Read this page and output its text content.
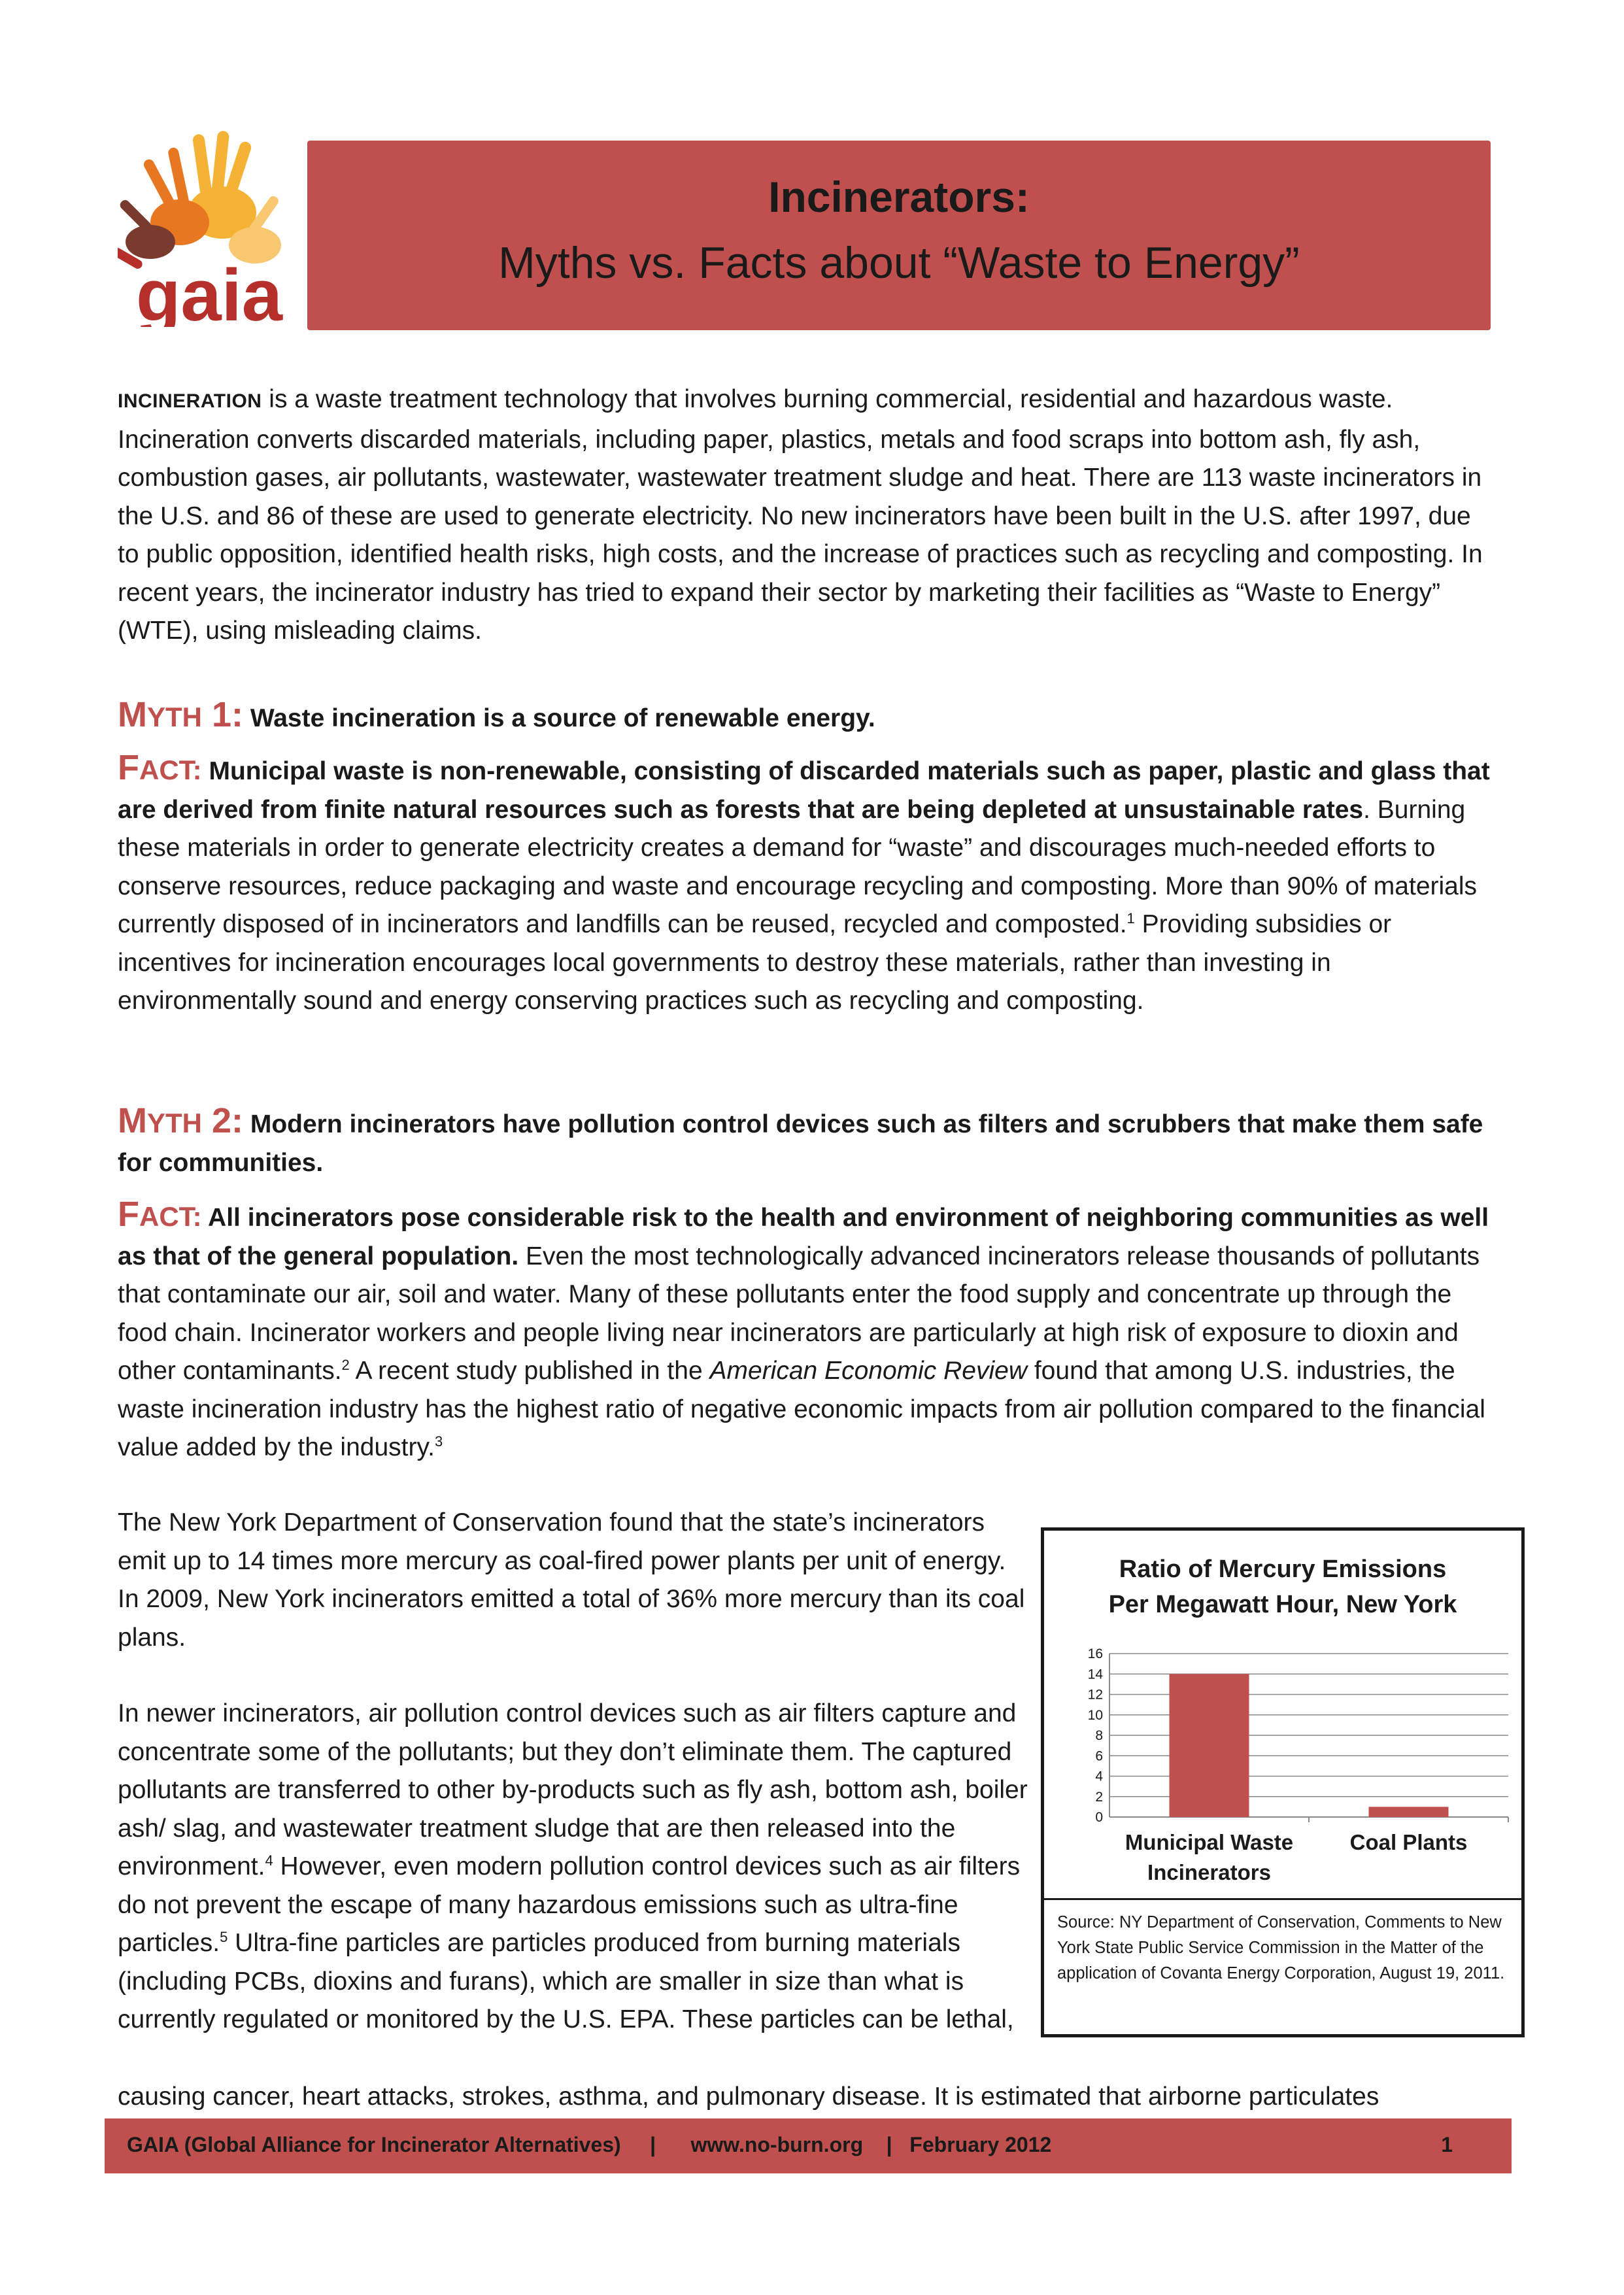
gaia
Incinerators:
Myths vs. Facts about “Waste to Energy”
INCINERATION is a waste treatment technology that involves burning commercial, residential and hazardous waste. Incineration converts discarded materials, including paper, plastics, metals and food scraps into bottom ash, fly ash, combustion gases, air pollutants, wastewater, wastewater treatment sludge and heat. There are 113 waste incinerators in the U.S. and 86 of these are used to generate electricity. No new incinerators have been built in the U.S. after 1997, due to public opposition, identified health risks, high costs, and the increase of practices such as recycling and composting. In recent years, the incinerator industry has tried to expand their sector by marketing their facilities as “Waste to Energy” (WTE), using misleading claims.
MYTH 1: Waste incineration is a source of renewable energy.
FACT: Municipal waste is non-renewable, consisting of discarded materials such as paper, plastic and glass that are derived from finite natural resources such as forests that are being depleted at unsustainable rates. Burning these materials in order to generate electricity creates a demand for “waste” and discourages much-needed efforts to conserve resources, reduce packaging and waste and encourage recycling and composting. More than 90% of materials currently disposed of in incinerators and landfills can be reused, recycled and composted.$^1$ Providing subsidies or incentives for incineration encourages local governments to destroy these materials, rather than investing in environmentally sound and energy conserving practices such as recycling and composting.
MYTH 2: Modern incinerators have pollution control devices such as filters and scrubbers that make them safe for communities.
FACT: All incinerators pose considerable risk to the health and environment of neighboring communities as well as that of the general population. Even the most technologically advanced incinerators release thousands of pollutants that contaminate our air, soil and water. Many of these pollutants enter the food supply and concentrate up through the food chain. Incinerator workers and people living near incinerators are particularly at high risk of exposure to dioxin and other contaminants.$^2$ A recent study published in the American Economic Review found that among U.S. industries, the waste incineration industry has the highest ratio of negative economic impacts from air pollution compared to the financial value added by the industry.$^3$
The New York Department of Conservation found that the state’s incinerators emit up to 14 times more mercury as coal-fired power plants per unit of energy. In 2009, New York incinerators emitted a total of 36% more mercury than its coal plans.
In newer incinerators, air pollution control devices such as air filters capture and concentrate some of the pollutants; but they don’t eliminate them. The captured pollutants are transferred to other by-products such as fly ash, bottom ash, boiler ash/ slag, and wastewater treatment sludge that are then released into the environment.$^4$ However, even modern pollution control devices such as air filters do not prevent the escape of many hazardous emissions such as ultra-fine particles.$^5$ Ultra-fine particles are particles produced from burning materials (including PCBs, dioxins and furans), which are smaller in size than what is currently regulated or monitored by the U.S. EPA. These particles can be lethal,
causing cancer, heart attacks, strokes, asthma, and pulmonary disease. It is estimated that airborne particulates
Ratio of Mercury Emissions
Per Megawatt Hour, New York
0
2
4
6
8
10
12
14
16
Municipal Waste
Incinerators
Coal Plants
Source: NY Department of Conservation, Comments to New York State Public Service Commission in the Matter of the application of Covanta Energy Corporation, August 19, 2011.
GAIA (Global Alliance for Incinerator Alternatives)     |      www.no-burn.org    |   February 2012	1
